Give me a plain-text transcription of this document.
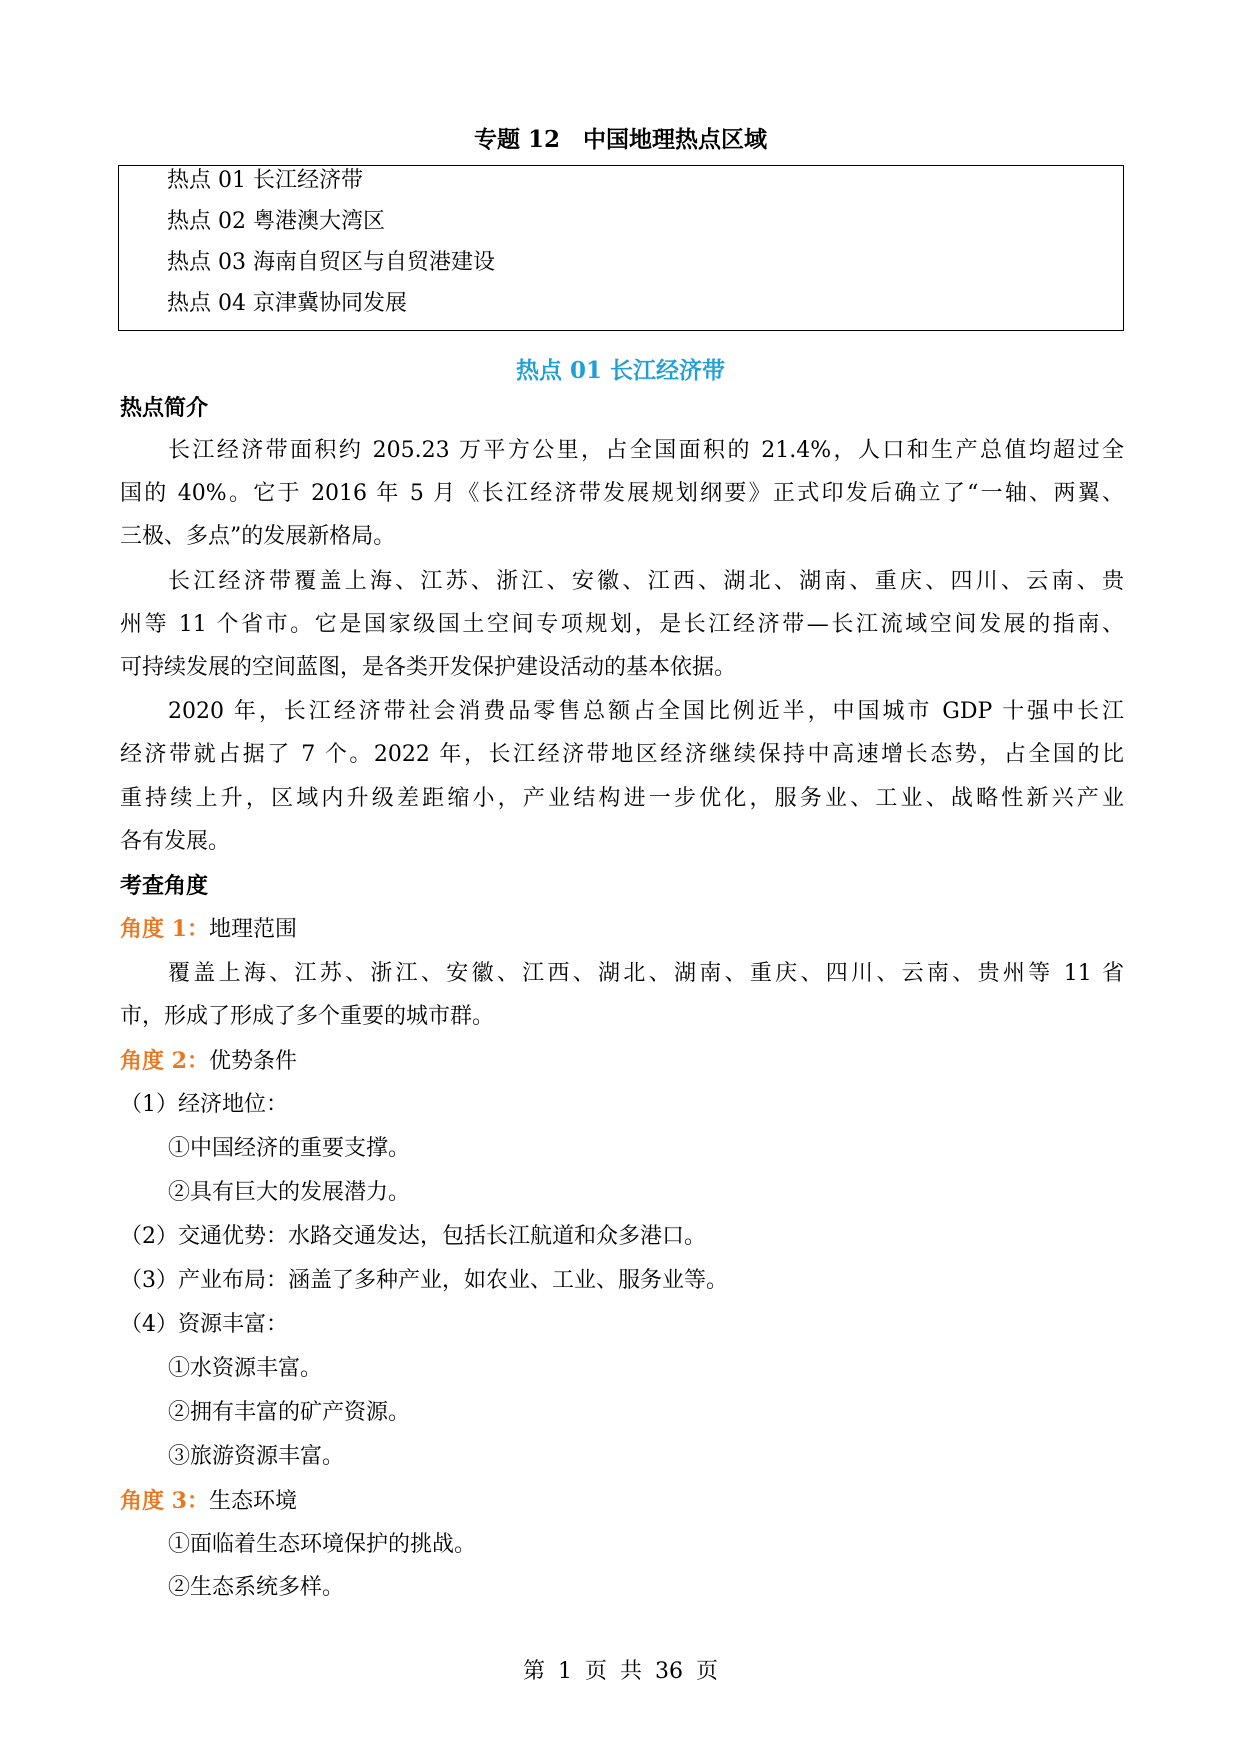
专题 12　中国地理热点区域
热点 01 长江经济带
热点 02 粤港澳大湾区
热点 03 海南自贸区与自贸港建设
热点 04 京津冀协同发展
热点 01 长江经济带
热点简介
长江经济带面积约 205.23 万平方公里，占全国面积的 21.4%，人口和生产总值均超过全
国的 40%。它于 2016 年 5 月《长江经济带发展规划纲要》正式印发后确立了“一轴、两翼、
三极、多点”的发展新格局。
长江经济带覆盖上海、江苏、浙江、安徽、江西、湖北、湖南、重庆、四川、云南、贵
州等 11 个省市。它是国家级国土空间专项规划，是长江经济带—长江流域空间发展的指南、
可持续发展的空间蓝图，是各类开发保护建设活动的基本依据。
2020 年，长江经济带社会消费品零售总额占全国比例近半，中国城市 GDP 十强中长江
经济带就占据了 7 个。2022 年，长江经济带地区经济继续保持中高速增长态势，占全国的比
重持续上升，区域内升级差距缩小，产业结构进一步优化，服务业、工业、战略性新兴产业
各有发展。
考查角度
角度 1：地理范围
覆盖上海、江苏、浙江、安徽、江西、湖北、湖南、重庆、四川、云南、贵州等 11 省
市，形成了形成了多个重要的城市群。
角度 2：优势条件
（1）经济地位：
①中国经济的重要支撑。
②具有巨大的发展潜力。
（2）交通优势：水路交通发达，包括长江航道和众多港口。
（3）产业布局：涵盖了多种产业，如农业、工业、服务业等。
（4）资源丰富：
①水资源丰富。
②拥有丰富的矿产资源。
③旅游资源丰富。
角度 3：生态环境
①面临着生态环境保护的挑战。
②生态系统多样。
第 1 页 共 36 页
